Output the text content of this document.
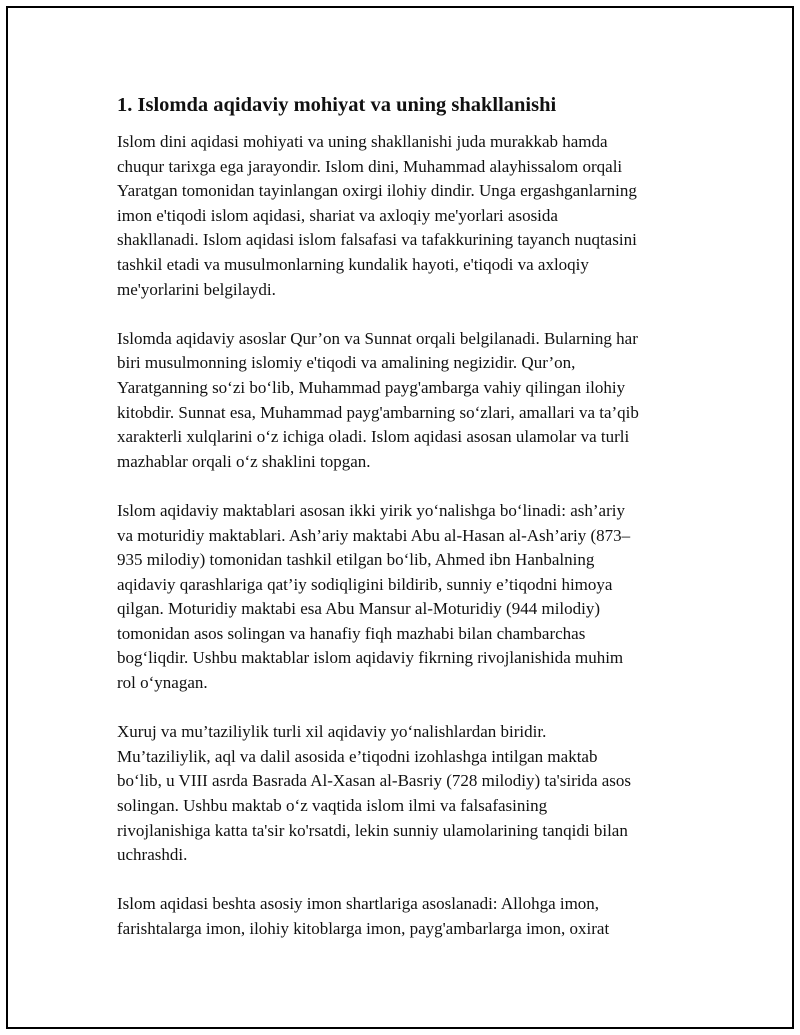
1. Islomda aqidaviy mohiyat va uning shakllanishi
Islom dini aqidasi mohiyati va uning shakllanishi juda murakkab hamda
chuqur tarixga ega jarayondir. Islom dini, Muhammad alayhissalom orqali
Yaratgan tomonidan tayinlangan oxirgi ilohiy dindir. Unga ergashganlarning
imon e'tiqodi islom aqidasi, shariat va axloqiy me'yorlari asosida
shakllanadi. Islom aqidasi islom falsafasi va tafakkurining tayanch nuqtasini
tashkil etadi va musulmonlarning kundalik hayoti, e'tiqodi va axloqiy
me'yorlarini belgilaydi.
Islomda aqidaviy asoslar Qur’on va Sunnat orqali belgilanadi. Bularning har
biri musulmonning islomiy e'tiqodi va amalining negizidir. Qur’on,
Yaratganning so‘zi bo‘lib, Muhammad payg'ambarga vahiy qilingan ilohiy
kitobdir. Sunnat esa, Muhammad payg'ambarning so‘zlari, amallari va ta’qib
xarakterli xulqlarini o‘z ichiga oladi. Islom aqidasi asosan ulamolar va turli
mazhablar orqali o‘z shaklini topgan.
Islom aqidaviy maktablari asosan ikki yirik yo‘nalishga bo‘linadi: ash’ariy
va moturidiy maktablari. Ash’ariy maktabi Abu al-Hasan al-Ash’ariy (873–
935 milodiy) tomonidan tashkil etilgan bo‘lib, Ahmed ibn Hanbalning
aqidaviy qarashlariga qat’iy sodiqligini bildirib, sunniy e’tiqodni himoya
qilgan. Moturidiy maktabi esa Abu Mansur al-Moturidiy (944 milodiy)
tomonidan asos solingan va hanafiy fiqh mazhabi bilan chambarchas
bog‘liqdir. Ushbu maktablar islom aqidaviy fikrning rivojlanishida muhim
rol o‘ynagan.
Xuruj va mu’taziliylik turli xil aqidaviy yo‘nalishlardan biridir.
Mu’taziliylik, aql va dalil asosida e’tiqodni izohlashga intilgan maktab
bo‘lib, u VIII asrda Basrada Al-Xasan al-Basriy (728 milodiy) ta'sirida asos
solingan. Ushbu maktab o‘z vaqtida islom ilmi va falsafasining
rivojlanishiga katta ta'sir ko'rsatdi, lekin sunniy ulamolarining tanqidi bilan
uchrashdi.
Islom aqidasi beshta asosiy imon shartlariga asoslanadi: Allohga imon,
farishtalarga imon, ilohiy kitoblarga imon, payg'ambarlarga imon, oxirat
